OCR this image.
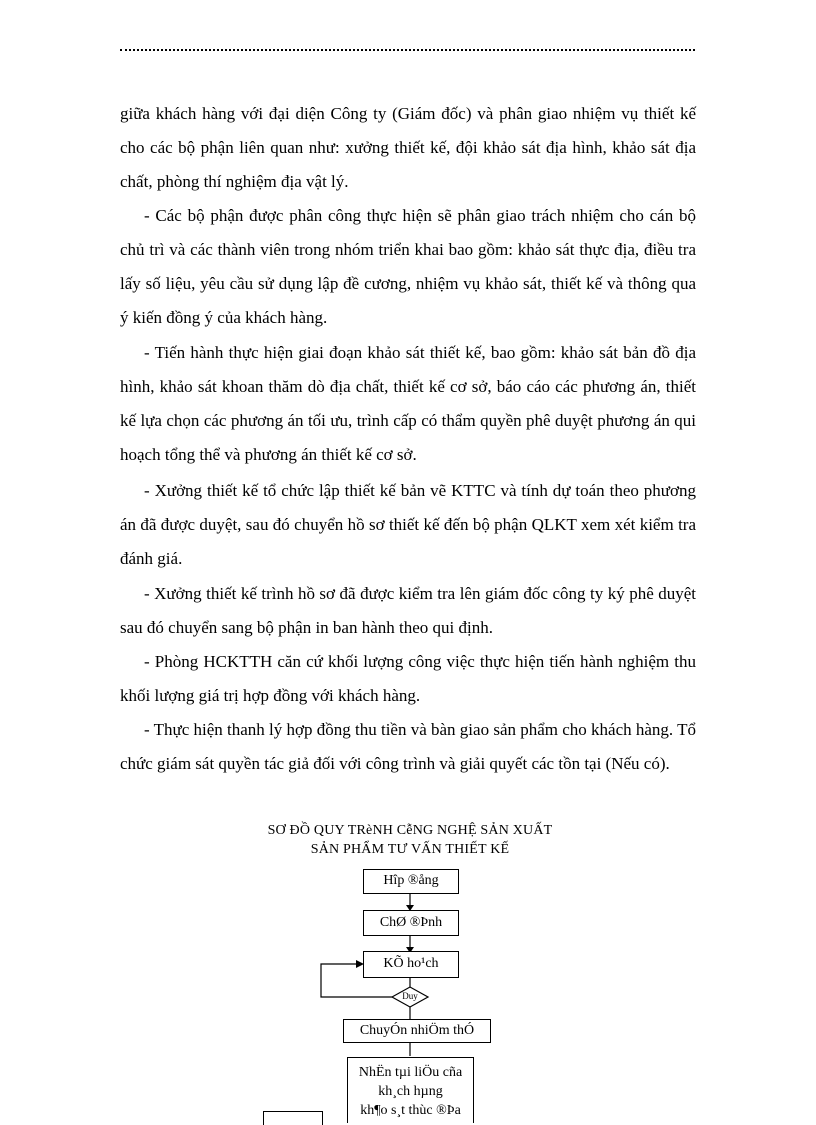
giữa khách hàng với đại diện Công ty (Giám đốc) và phân giao nhiệm vụ thiết kế cho các bộ phận liên quan như: xưởng thiết kế, đội khảo sát địa hình, khảo sát địa chất, phòng thí nghiệm địa vật lý.
- Các bộ phận được phân công thực hiện sẽ phân giao trách nhiệm cho cán bộ chủ trì và các thành viên trong nhóm triển khai bao gồm: khảo sát thực địa, điều tra lấy số liệu, yêu cầu sử dụng lập đề cương, nhiệm vụ khảo sát, thiết kế và thông qua ý kiến đồng ý của khách hàng.
- Tiến hành thực hiện giai đoạn khảo sát thiết kế, bao gồm: khảo sát bản đồ địa hình, khảo sát khoan thăm dò địa chất, thiết kế cơ sở, báo cáo các phương án, thiết kế lựa chọn các phương án tối ưu, trình cấp có thẩm quyền phê duyệt phương án qui hoạch tổng thể và phương án thiết kế cơ sở.
- Xưởng thiết kế tổ chức lập thiết kế bản vẽ KTTC và tính dự toán theo phương án đã được duyệt, sau đó chuyển hồ sơ thiết kế đến bộ phận QLKT xem xét kiểm tra đánh giá.
- Xưởng thiết kế trình hồ sơ đã được kiểm tra lên giám đốc công ty ký phê duyệt sau đó chuyển sang bộ phận in ban hành theo qui định.
- Phòng HCKTTH căn cứ khối lượng công việc thực hiện tiến hành nghiệm thu khối lượng giá trị hợp đồng với khách hàng.
- Thực hiện thanh lý hợp đồng thu tiền và bàn giao sản phẩm cho khách hàng. Tổ chức giám sát quyền tác giả đối với công trình và giải quyết các tồn tại (Nếu có).
SƠ ĐỒ QUY TRèNH CễNG NGHỆ SẢN XUẤT
SẢN PHẨM TƯ VẤN THIẾT KẾ
Hîp ®ång
ChØ ®Þnh
KÕ ho¹ch
Duy
ChuyÓn nhiÖm thÓ
NhËn tµi liÖu cña
kh¸ch hµng
kh¶o s¸t thùc ®Þa
